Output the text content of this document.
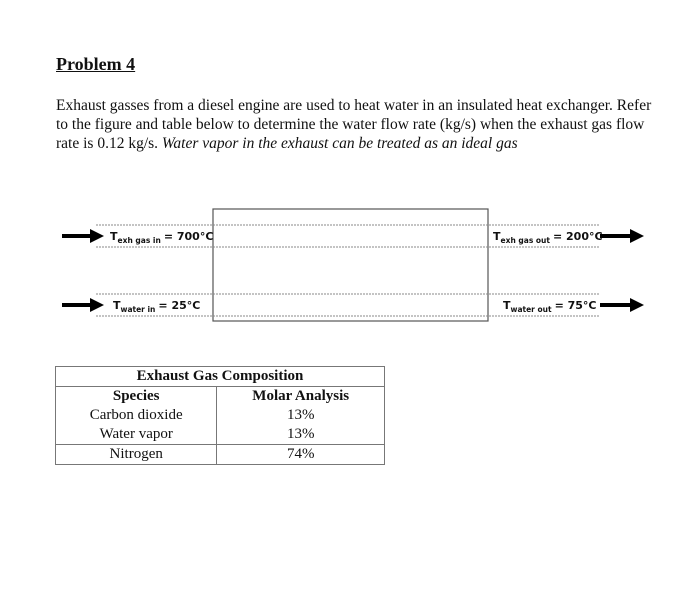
Problem 4
Exhaust gasses from a diesel engine are used to heat water in an insulated heat exchanger. Refer to the figure and table below to determine the water flow rate (kg/s) when the exhaust gas flow rate is 0.12 kg/s. Water vapor in the exhaust can be treated as an ideal gas
$T_{exh gas in} = 700^\circ C$	$T_{exh gas out} = 200^\circ C$
$T_{water in} = 25^\circ C$	$T_{water out} = 75^\circ C$
Exhaust Gas Composition	
Species	Molar Analysis
Carbon dioxide	13%
Water vapor	13%
Nitrogen	74%
